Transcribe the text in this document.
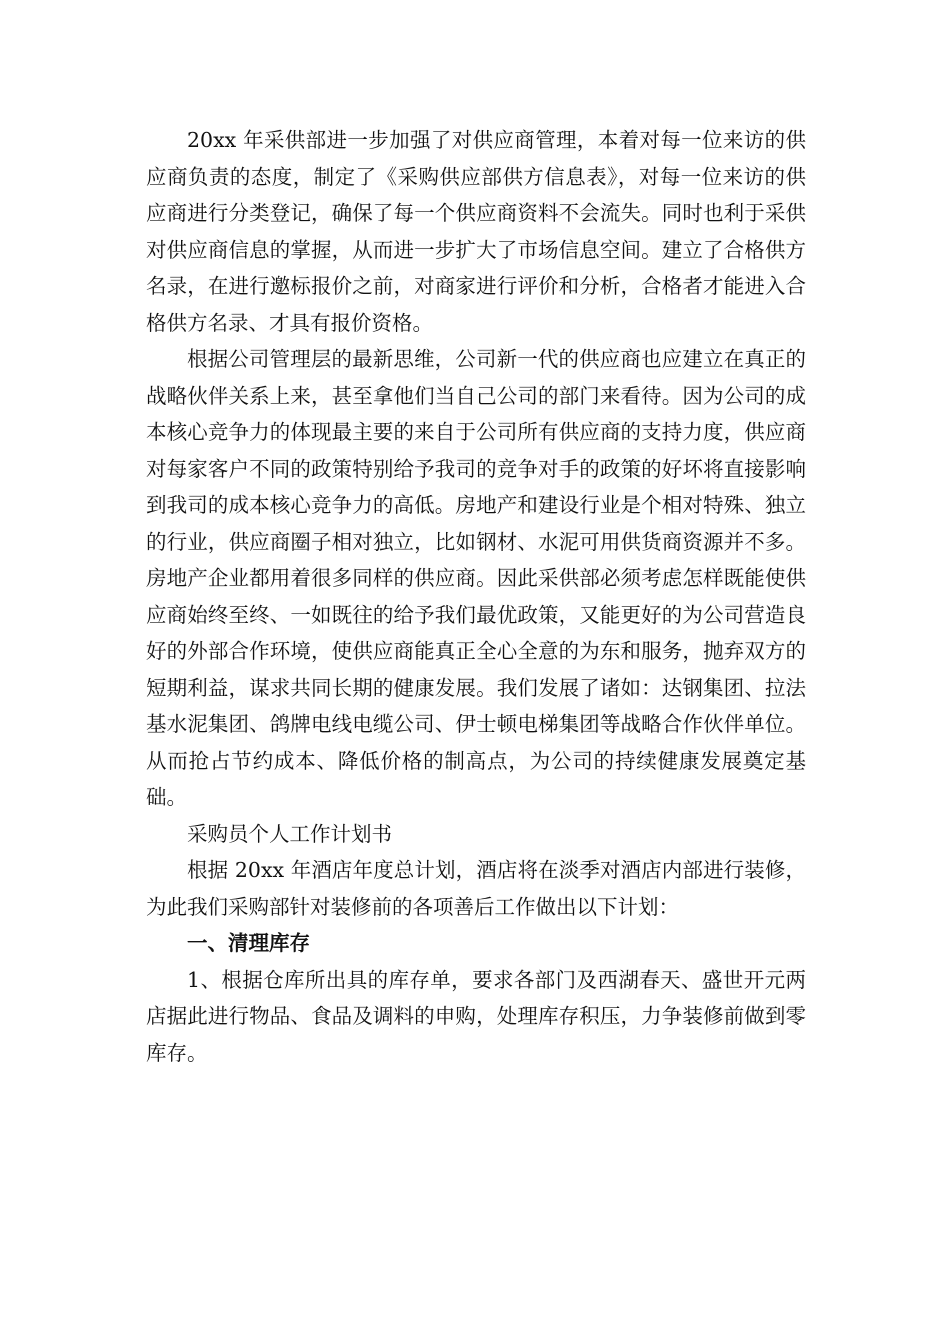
20xx 年采供部进一步加强了对供应商管理，本着对每一位来访的供应商负责的态度，制定了《采购供应部供方信息表》，对每一位来访的供应商进行分类登记，确保了每一个供应商资料不会流失。同时也利于采供对供应商信息的掌握，从而进一步扩大了市场信息空间。建立了合格供方名录，在进行邀标报价之前，对商家进行评价和分析，合格者才能进入合格供方名录、才具有报价资格。

根据公司管理层的最新思维，公司新一代的供应商也应建立在真正的战略伙伴关系上来，甚至拿他们当自己公司的部门来看待。因为公司的成本核心竞争力的体现最主要的来自于公司所有供应商的支持力度，供应商对每家客户不同的政策特别给予我司的竞争对手的政策的好坏将直接影响到我司的成本核心竞争力的高低。房地产和建设行业是个相对特殊、独立的行业，供应商圈子相对独立，比如钢材、水泥可用供货商资源并不多。房地产企业都用着很多同样的供应商。因此采供部必须考虑怎样既能使供应商始终至终、一如既往的给予我们最优政策，又能更好的为公司营造良好的外部合作环境，使供应商能真正全心全意的为东和服务，抛弃双方的短期利益，谋求共同长期的健康发展。我们发展了诸如：达钢集团、拉法基水泥集团、鸽牌电线电缆公司、伊士顿电梯集团等战略合作伙伴单位。从而抢占节约成本、降低价格的制高点，为公司的持续健康发展奠定基础。

采购员个人工作计划书

根据 20xx 年酒店年度总计划，酒店将在淡季对酒店内部进行装修，为此我们采购部针对装修前的各项善后工作做出以下计划：

一、清理库存

1、根据仓库所出具的库存单，要求各部门及西湖春天、盛世开元两店据此进行物品、食品及调料的申购，处理库存积压，力争装修前做到零库存。
